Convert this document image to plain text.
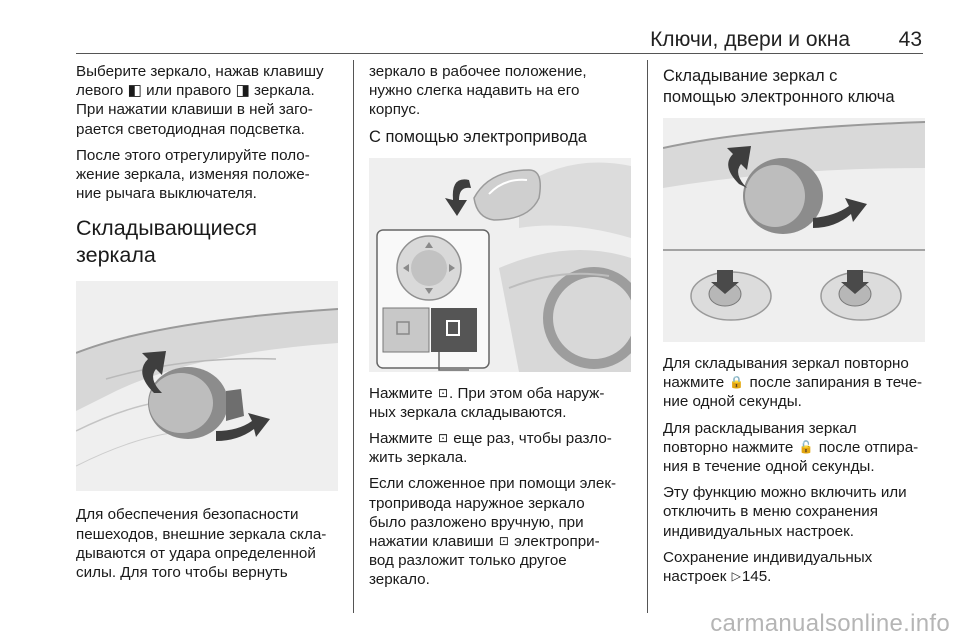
Ключи, двери и окна 43

Выберите зеркало, нажав клавишу
левого ◧ или правого ◨ зеркала.
При нажатии клавиши в ней заго-
рается светодиодная подсветка.

После этого отрегулируйте поло-
жение зеркала, изменяя положе-
ние рычага выключателя.

Складывающиеся
зеркала

Для обеспечения безопасности
пешеходов, внешние зеркала скла-
дываются от удара определенной
силы. Для того чтобы вернуть

зеркало в рабочее положение,
нужно слегка надавить на его
корпус.

С помощью электропривода

Нажмите ⊡. При этом оба наруж-
ных зеркала складываются.

Нажмите ⊡ еще раз, чтобы разло-
жить зеркала.

Если сложенное при помощи элек-
тропривода наружное зеркало
было разложено вручную, при
нажатии клавиши ⊡ электропри-
вод разложит только другое
зеркало.

Складывание зеркал с
помощью электронного ключа

Для складывания зеркал повторно
нажмите 🔒 после запирания в тече-
ние одной секунды.

Для раскладывания зеркал
повторно нажмите 🔓 после отпира-
ния в течение одной секунды.

Эту функцию можно включить или
отключить в меню сохранения
индивидуальных настроек.

Сохранение индивидуальных
настроек ▷145.

carmanualsonline.info
